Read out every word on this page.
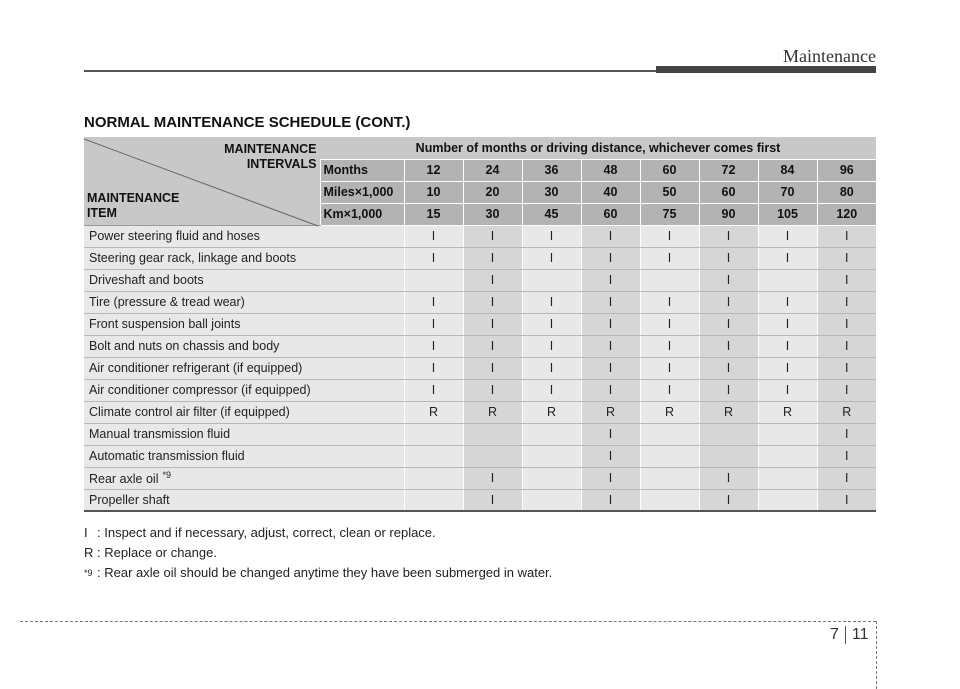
Maintenance
NORMAL MAINTENANCE SCHEDULE (CONT.)
MAINTENANCE
INTERVALS
MAINTENANCE
ITEM	Number of months or driving distance, whichever comes first								
	Months	12	24	36	48	60	72	84	96
	Miles×1,000	10	20	30	40	50	60	70	80
	Km×1,000	15	30	45	60	75	90	105	120
Power steering fluid and hoses		I	I	I	I	I	I	I	I
Steering gear rack, linkage and boots		I	I	I	I	I	I	I	I
Driveshaft and boots			I		I		I		I
Tire (pressure & tread wear)		I	I	I	I	I	I	I	I
Front suspension ball joints		I	I	I	I	I	I	I	I
Bolt and nuts on chassis and body		I	I	I	I	I	I	I	I
Air conditioner refrigerant (if equipped)		I	I	I	I	I	I	I	I
Air conditioner compressor (if equipped)		I	I	I	I	I	I	I	I
Climate control air filter (if equipped)		R	R	R	R	R	R	R	R
Manual transmission fluid					I				I
Automatic transmission fluid					I				I
Rear axle oil $^{*9}$			I		I		I		I
Propeller shaft			I		I		I		I
I : Inspect and if necessary, adjust, correct, clean or replace.
R : Replace or change.
*9 : Rear axle oil should be changed anytime they have been submerged in water.
7 11
